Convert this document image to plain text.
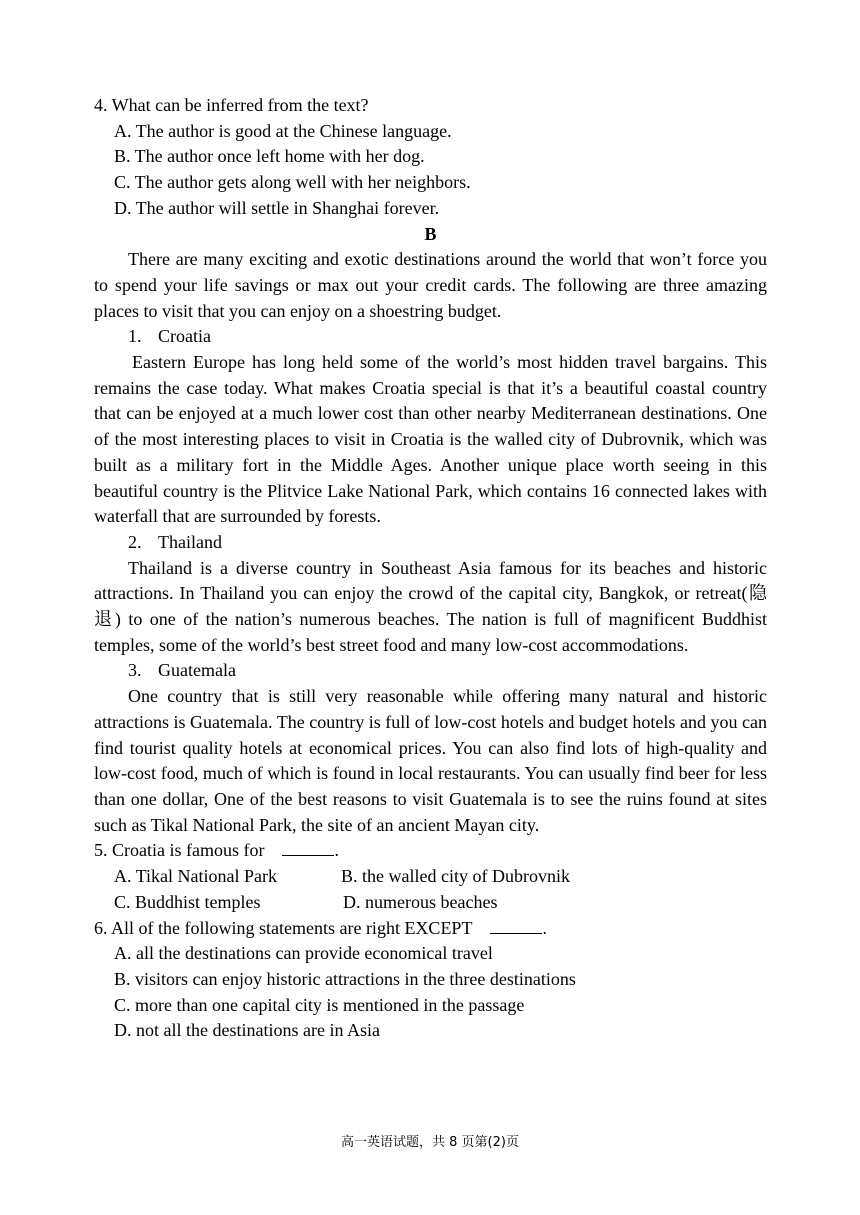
4. What can be inferred from the text?
A. The author is good at the Chinese language.
B. The author once left home with her dog.
C. The author gets along well with her neighbors.
D. The author will settle in Shanghai forever.
B

There are many exciting and exotic destinations around the world that won’t force you to spend your life savings or max out your credit cards. The following are three amazing places to visit that you can enjoy on a shoestring budget.

1. Croatia

Eastern Europe has long held some of the world’s most hidden travel bargains. This remains the case today. What makes Croatia special is that it’s a beautiful coastal country that can be enjoyed at a much lower cost than other nearby Mediterranean destinations. One of the most interesting places to visit in Croatia is the walled city of Dubrovnik, which was built as a military fort in the Middle Ages. Another unique place worth seeing in this beautiful country is the Plitvice Lake National Park, which contains 16 connected lakes with waterfall that are surrounded by forests.

2. Thailand

Thailand is a diverse country in Southeast Asia famous for its beaches and historic attractions. In Thailand you can enjoy the crowd of the capital city, Bangkok, or retreat(隐退) to one of the nation’s numerous beaches. The nation is full of magnificent Buddhist temples, some of the world’s best street food and many low-cost accommodations.

3. Guatemala

One country that is still very reasonable while offering many natural and historic attractions is Guatemala. The country is full of low-cost hotels and budget hotels and you can find tourist quality hotels at economical prices. You can also find lots of high-quality and low-cost food, much of which is found in local restaurants. You can usually find beer for less than one dollar, One of the best reasons to visit Guatemala is to see the ruins found at sites such as Tikal National Park, the site of an ancient Mayan city.

5. Croatia is famous for	.
A. Tikal National Park	B. the walled city of Dubrovnik
C. Buddhist temples	D. numerous beaches
6. All of the following statements are right EXCEPT	.
A. all the destinations can provide economical travel
B. visitors can enjoy historic attractions in the three destinations
C. more than one capital city is mentioned in the passage
D. not all the destinations are in Asia
高一英语试题，共 8 页第(2)页
